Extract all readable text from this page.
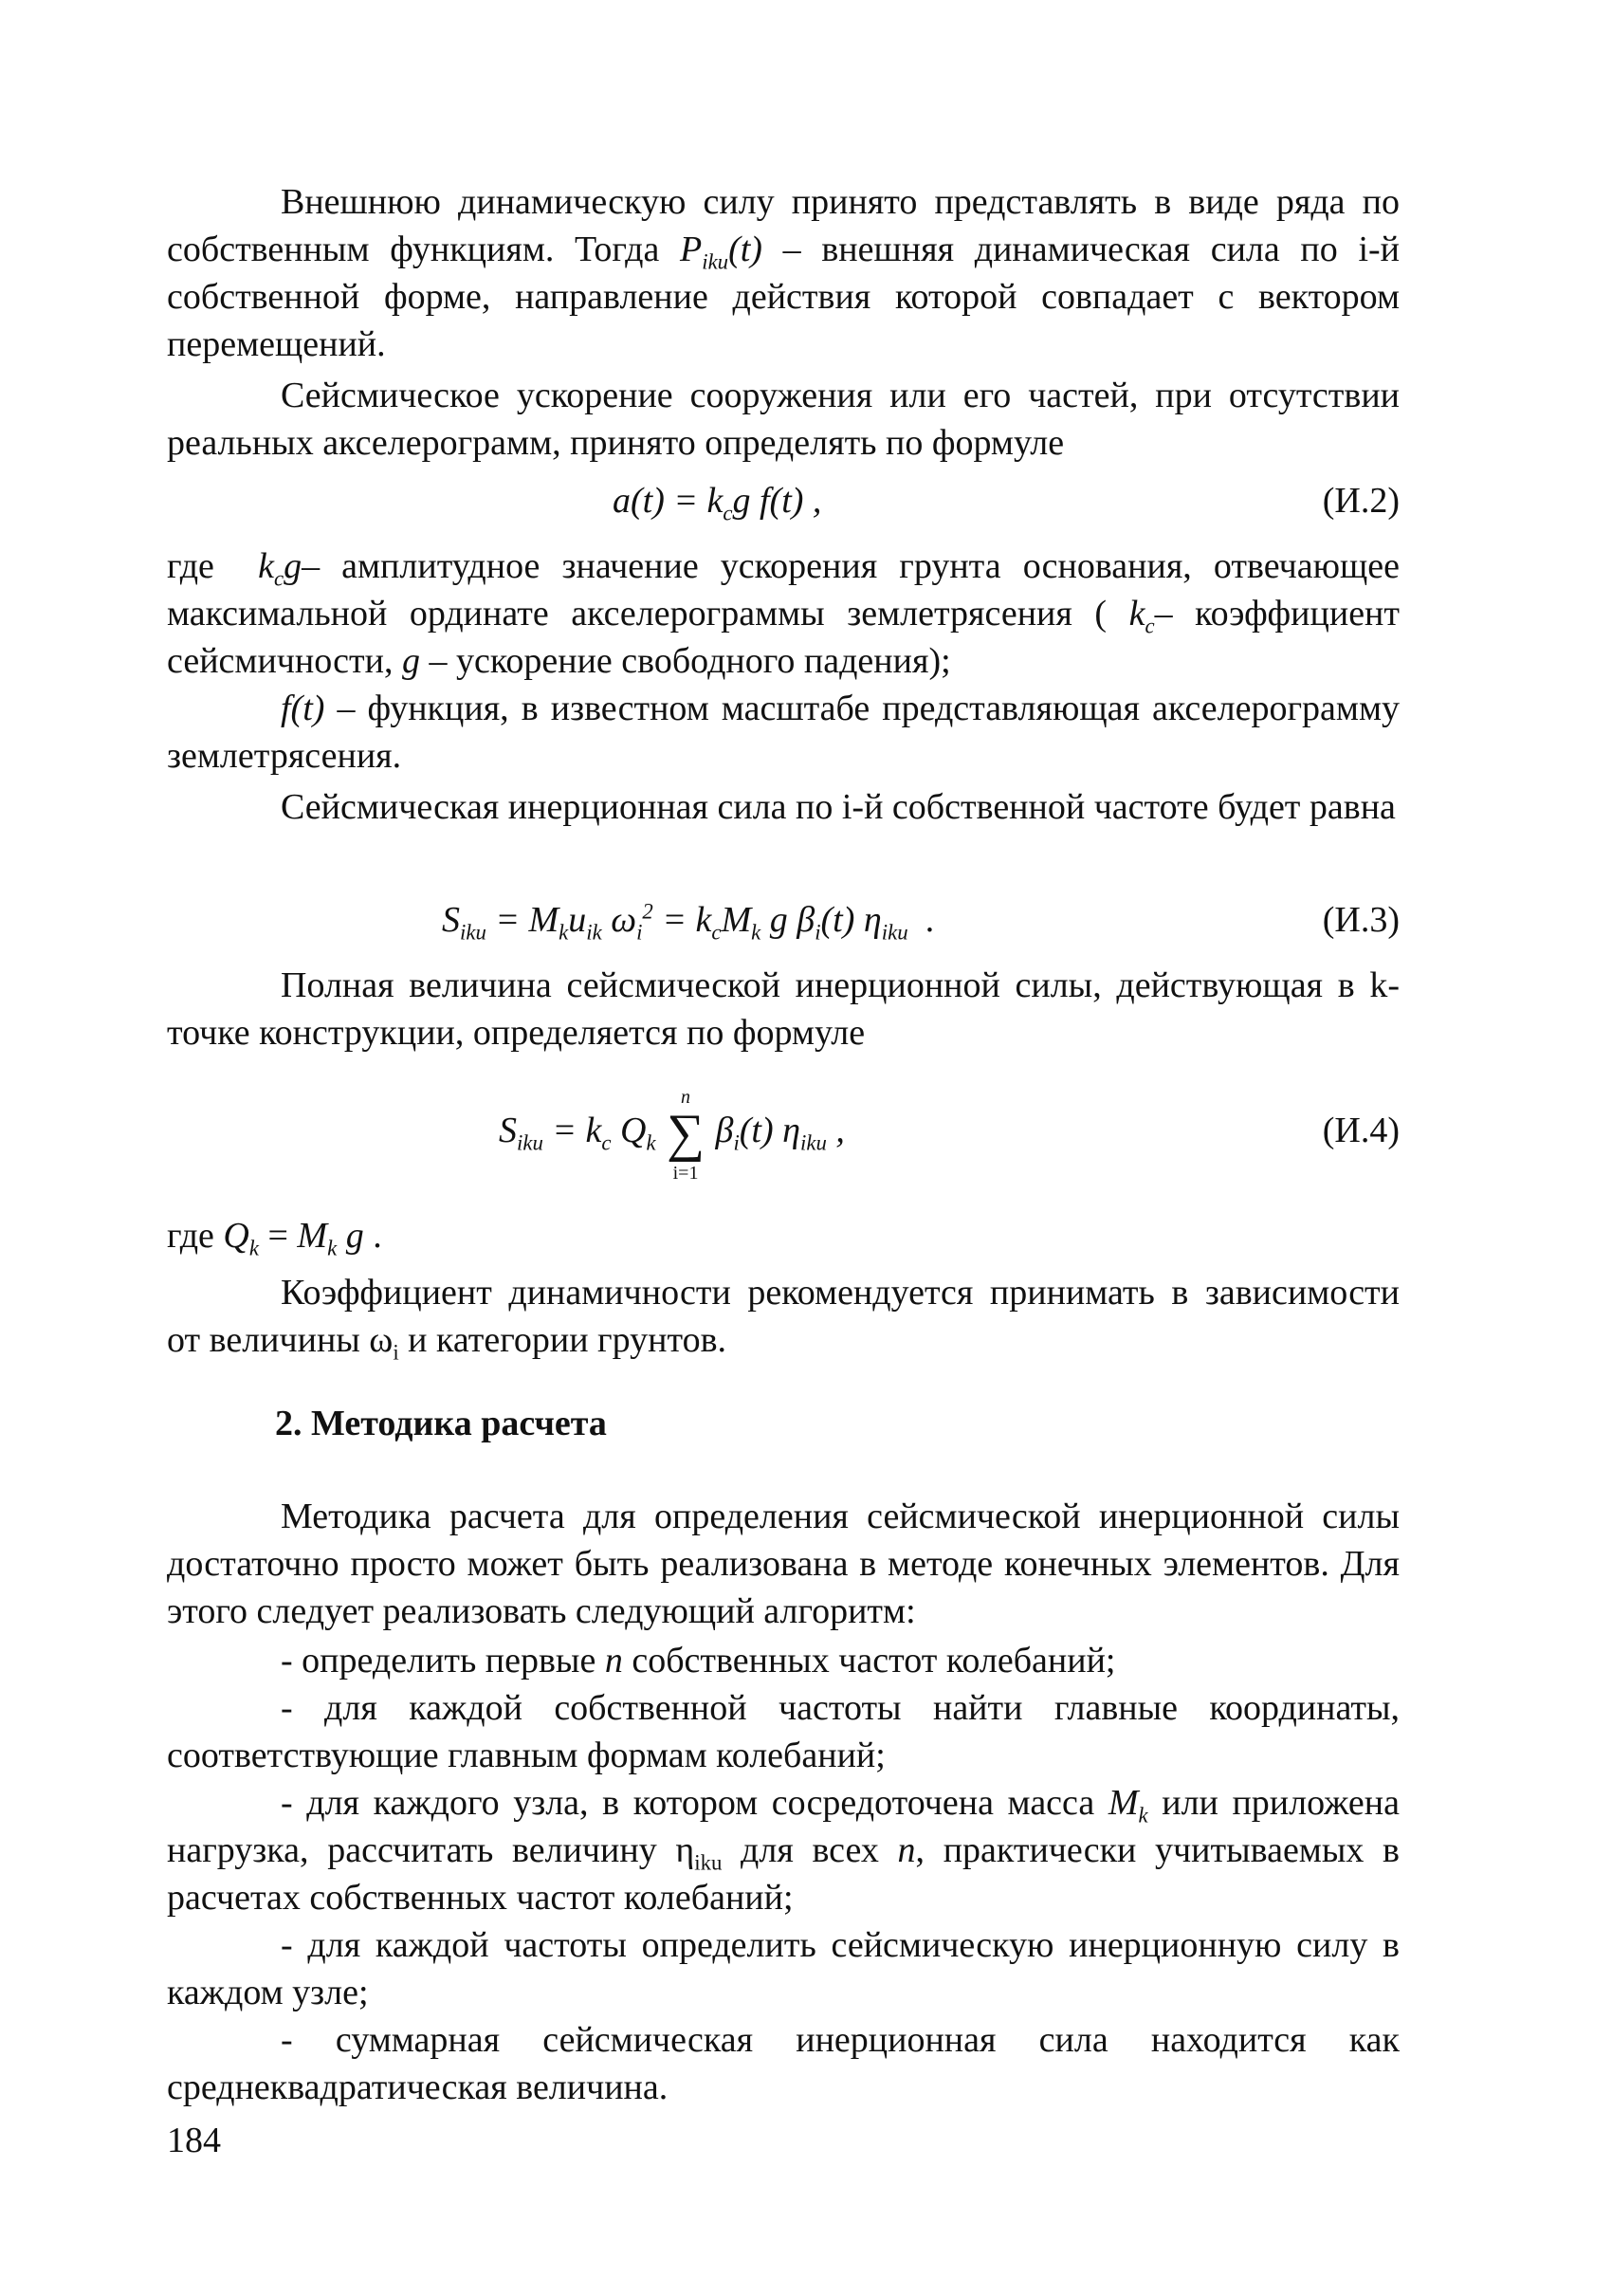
Внешнюю динамическую силу принято представлять в виде ряда по собственным функциям. Тогда $P_{iku}(t)$ – внешняя динамическая сила по i-й собственной форме, направление действия которой совпадает с вектором перемещений.

Сейсмическое ускорение сооружения или его частей, при отсутствии реальных акселерограмм, принято определять по формуле

$a(t) = k_cg$ f(t) ,	(И.2)

где  $k_cg-$ амплитудное значение ускорения грунта основания, отвечающее максимальной ординате акселерограммы землетрясения ( $k_c-$ коэффициент сейсмичности, g – ускорение свободного падения);

f(t) – функция, в известном масштабе представляющая акселерограмму землетрясения.

Сейсмическая инерционная сила по i-й собственной частоте будет равна

$S_{iku} = M_ku_{ik}$ $\omega_i^2 = k_cM_k$ g $\beta_i(t)$ $\eta_{iku}$  .	(И.3)

Полная величина сейсмической инерционной силы, действующая в k-точке конструкции, определяется по формуле

$S_{iku} = k_c$ $Q_k$ ∑
n
i=1
$\beta_i(t)$ $\eta_{iku}$ ,	(И.4)

где $Q_k = M_k$ g .

Коэффициент динамичности рекомендуется принимать в зависимости от величины $\omega_i$ и категории грунтов.

2. Методика расчета

Методика расчета для определения сейсмической инерционной силы достаточно просто может быть реализована в методе конечных элементов. Для этого следует реализовать следующий алгоритм:

- определить первые n собственных частот колебаний;

- для каждой собственной частоты найти главные координаты, соответствующие главным формам колебаний;

- для каждого узла, в котором сосредоточена масса $M_k$ или приложена нагрузка, рассчитать величину $\eta_{iku}$ для всех n, практически учитываемых в расчетах собственных частот колебаний;

- для каждой частоты определить сейсмическую инерционную силу в каждом узле;

- суммарная сейсмическая инерционная сила находится как среднеквадратическая величина.

184
